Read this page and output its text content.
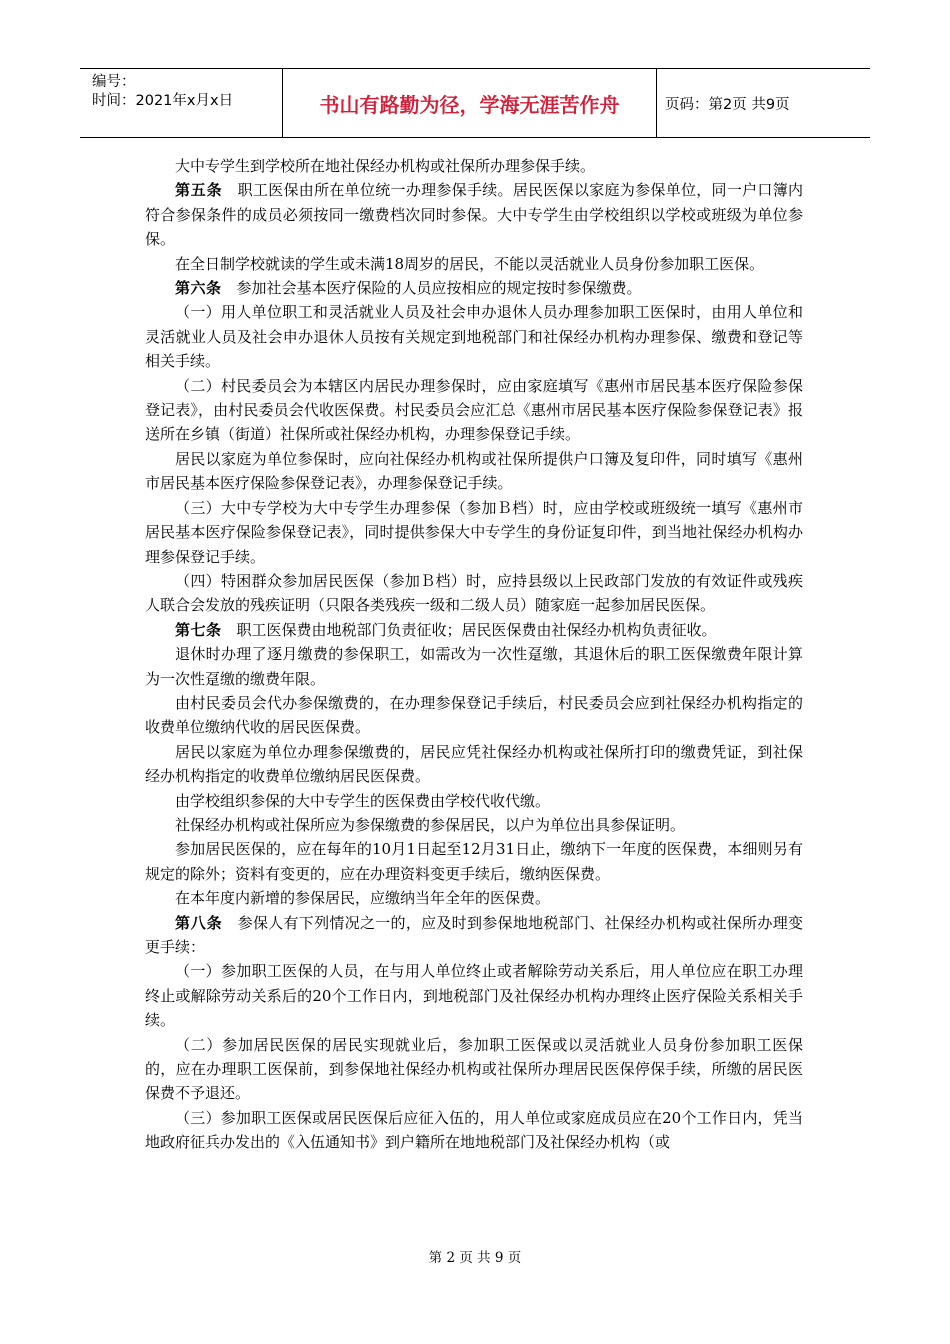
编号：
时间：2021年x月x日	书山有路勤为径，学海无涯苦作舟	页码：第2页 共9页

大中专学生到学校所在地社保经办机构或社保所办理参保手续。

第五条　职工医保由所在单位统一办理参保手续。居民医保以家庭为参保单位，同一户口簿内符合参保条件的成员必须按同一缴费档次同时参保。大中专学生由学校组织以学校或班级为单位参保。

在全日制学校就读的学生或未满18周岁的居民，不能以灵活就业人员身份参加职工医保。

第六条　参加社会基本医疗保险的人员应按相应的规定按时参保缴费。

（一）用人单位职工和灵活就业人员及社会申办退休人员办理参加职工医保时，由用人单位和灵活就业人员及社会申办退休人员按有关规定到地税部门和社保经办机构办理参保、缴费和登记等相关手续。

（二）村民委员会为本辖区内居民办理参保时，应由家庭填写《惠州市居民基本医疗保险参保登记表》，由村民委员会代收医保费。村民委员会应汇总《惠州市居民基本医疗保险参保登记表》报送所在乡镇（街道）社保所或社保经办机构，办理参保登记手续。

居民以家庭为单位参保时，应向社保经办机构或社保所提供户口簿及复印件，同时填写《惠州市居民基本医疗保险参保登记表》，办理参保登记手续。

（三）大中专学校为大中专学生办理参保（参加Ｂ档）时，应由学校或班级统一填写《惠州市居民基本医疗保险参保登记表》，同时提供参保大中专学生的身份证复印件，到当地社保经办机构办理参保登记手续。

（四）特困群众参加居民医保（参加Ｂ档）时，应持县级以上民政部门发放的有效证件或残疾人联合会发放的残疾证明（只限各类残疾一级和二级人员）随家庭一起参加居民医保。

第七条　职工医保费由地税部门负责征收；居民医保费由社保经办机构负责征收。

退休时办理了逐月缴费的参保职工，如需改为一次性趸缴，其退休后的职工医保缴费年限计算为一次性趸缴的缴费年限。

由村民委员会代办参保缴费的，在办理参保登记手续后，村民委员会应到社保经办机构指定的收费单位缴纳代收的居民医保费。

居民以家庭为单位办理参保缴费的，居民应凭社保经办机构或社保所打印的缴费凭证，到社保经办机构指定的收费单位缴纳居民医保费。

由学校组织参保的大中专学生的医保费由学校代收代缴。

社保经办机构或社保所应为参保缴费的参保居民，以户为单位出具参保证明。

参加居民医保的，应在每年的10月1日起至12月31日止，缴纳下一年度的医保费，本细则另有规定的除外；资料有变更的，应在办理资料变更手续后，缴纳医保费。

在本年度内新增的参保居民，应缴纳当年全年的医保费。

第八条　参保人有下列情况之一的，应及时到参保地地税部门、社保经办机构或社保所办理变更手续：

（一）参加职工医保的人员，在与用人单位终止或者解除劳动关系后，用人单位应在职工办理终止或解除劳动关系后的20个工作日内，到地税部门及社保经办机构办理终止医疗保险关系相关手续。

（二）参加居民医保的居民实现就业后，参加职工医保或以灵活就业人员身份参加职工医保的，应在办理职工医保前，到参保地社保经办机构或社保所办理居民医保停保手续，所缴的居民医保费不予退还。

（三）参加职工医保或居民医保后应征入伍的，用人单位或家庭成员应在20个工作日内，凭当地政府征兵办发出的《入伍通知书》到户籍所在地地税部门及社保经办机构（或

第 2 页 共 9 页
